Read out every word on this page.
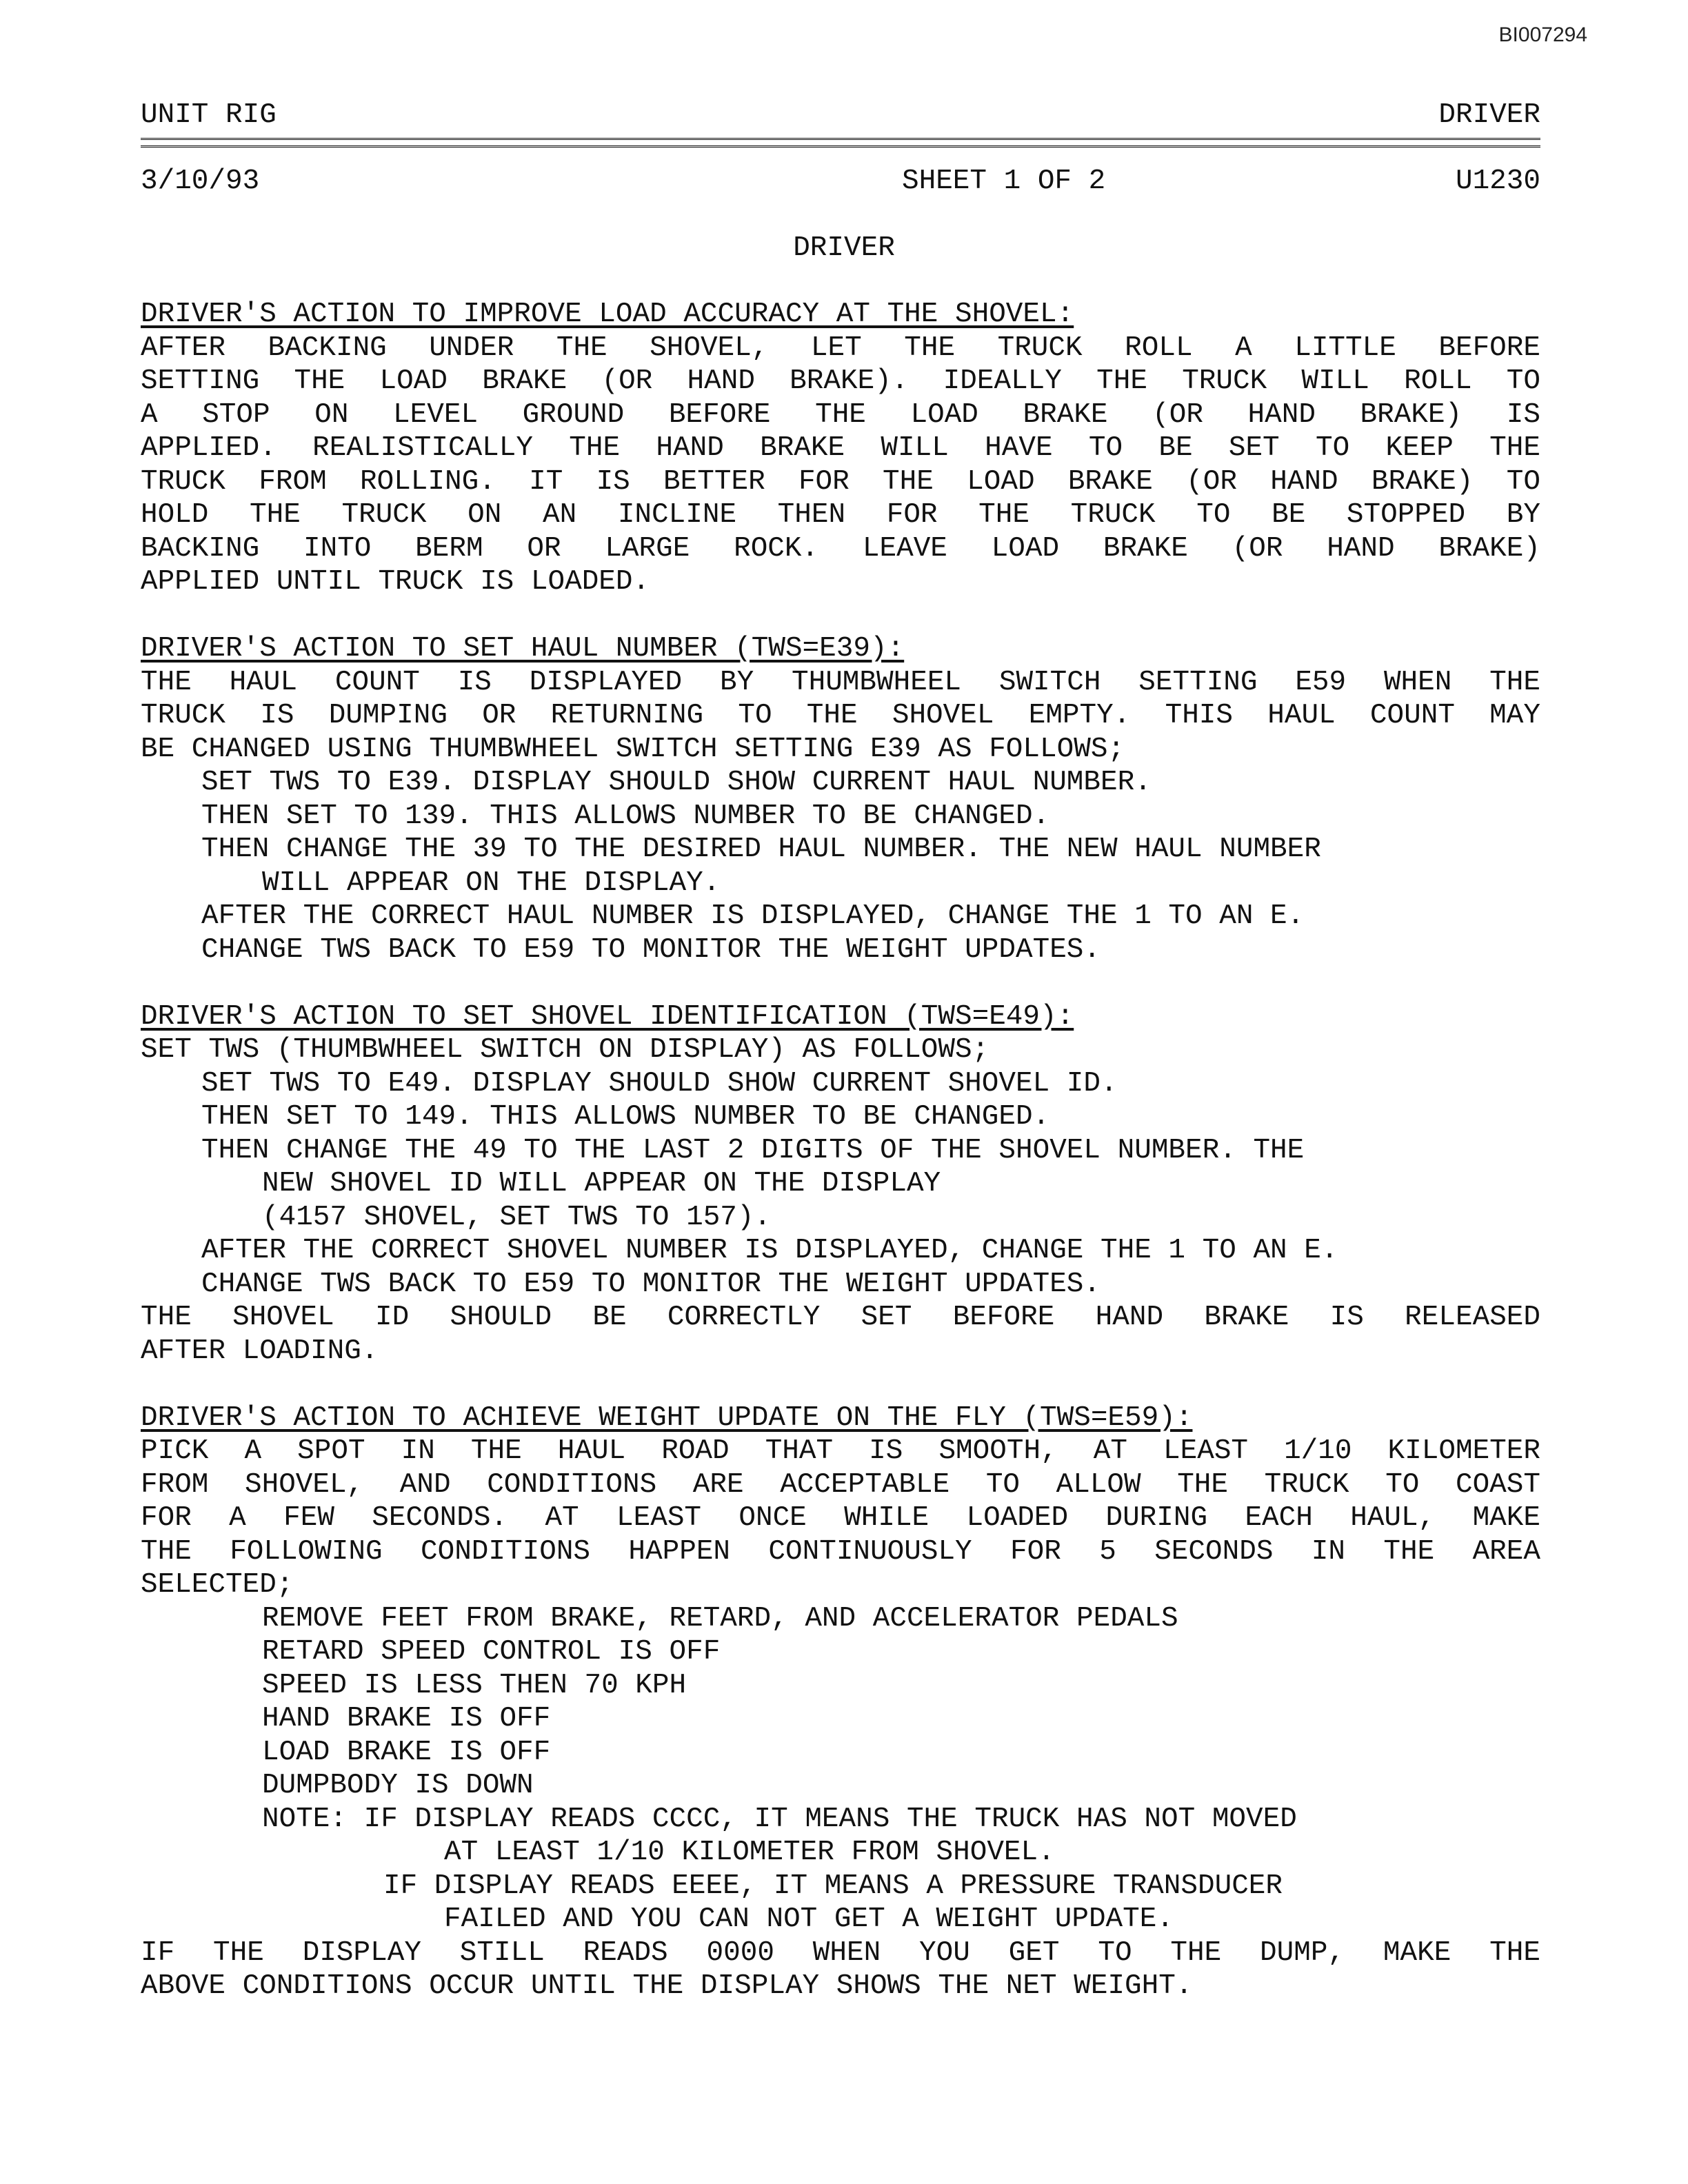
BI007294
UNIT RIG	DRIVER
3/10/93	SHEET 1 OF 2	U1230
DRIVER
DRIVER'S ACTION TO IMPROVE LOAD ACCURACY AT THE SHOVEL:
AFTER BACKING UNDER THE SHOVEL, LET THE TRUCK ROLL A LITTLE BEFORE
SETTING THE LOAD BRAKE (OR HAND BRAKE). IDEALLY THE TRUCK WILL ROLL TO
A STOP ON LEVEL GROUND BEFORE THE LOAD BRAKE (OR HAND BRAKE) IS
APPLIED. REALISTICALLY THE HAND BRAKE WILL HAVE TO BE SET TO KEEP THE
TRUCK FROM ROLLING. IT IS BETTER FOR THE LOAD BRAKE (OR HAND BRAKE) TO
HOLD THE TRUCK ON AN INCLINE THEN FOR THE TRUCK TO BE STOPPED BY
BACKING INTO BERM OR LARGE ROCK. LEAVE LOAD BRAKE (OR HAND BRAKE)
APPLIED UNTIL TRUCK IS LOADED.
DRIVER'S ACTION TO SET HAUL NUMBER (TWS=E39):
THE HAUL COUNT IS DISPLAYED BY THUMBWHEEL SWITCH SETTING E59 WHEN THE
TRUCK IS DUMPING OR RETURNING TO THE SHOVEL EMPTY. THIS HAUL COUNT MAY
BE CHANGED USING THUMBWHEEL SWITCH SETTING E39 AS FOLLOWS;
SET TWS TO E39. DISPLAY SHOULD SHOW CURRENT HAUL NUMBER.
THEN SET TO 139. THIS ALLOWS NUMBER TO BE CHANGED.
THEN CHANGE THE 39 TO THE DESIRED HAUL NUMBER. THE NEW HAUL NUMBER
WILL APPEAR ON THE DISPLAY.
AFTER THE CORRECT HAUL NUMBER IS DISPLAYED, CHANGE THE 1 TO AN E.
CHANGE TWS BACK TO E59 TO MONITOR THE WEIGHT UPDATES.
DRIVER'S ACTION TO SET SHOVEL IDENTIFICATION (TWS=E49):
SET TWS (THUMBWHEEL SWITCH ON DISPLAY) AS FOLLOWS;
SET TWS TO E49. DISPLAY SHOULD SHOW CURRENT SHOVEL ID.
THEN SET TO 149. THIS ALLOWS NUMBER TO BE CHANGED.
THEN CHANGE THE 49 TO THE LAST 2 DIGITS OF THE SHOVEL NUMBER. THE
NEW SHOVEL ID WILL APPEAR ON THE DISPLAY
(4157 SHOVEL, SET TWS TO 157).
AFTER THE CORRECT SHOVEL NUMBER IS DISPLAYED, CHANGE THE 1 TO AN E.
CHANGE TWS BACK TO E59 TO MONITOR THE WEIGHT UPDATES.
THE SHOVEL ID SHOULD BE CORRECTLY SET BEFORE HAND BRAKE IS RELEASED
AFTER LOADING.
DRIVER'S ACTION TO ACHIEVE WEIGHT UPDATE ON THE FLY (TWS=E59):
PICK A SPOT IN THE HAUL ROAD THAT IS SMOOTH, AT LEAST 1/10 KILOMETER
FROM SHOVEL, AND CONDITIONS ARE ACCEPTABLE TO ALLOW THE TRUCK TO COAST
FOR A FEW SECONDS. AT LEAST ONCE WHILE LOADED DURING EACH HAUL, MAKE
THE FOLLOWING CONDITIONS HAPPEN CONTINUOUSLY FOR 5 SECONDS IN THE AREA
SELECTED;
REMOVE FEET FROM BRAKE, RETARD, AND ACCELERATOR PEDALS
RETARD SPEED CONTROL IS OFF
SPEED IS LESS THEN 70 KPH
HAND BRAKE IS OFF
LOAD BRAKE IS OFF
DUMPBODY IS DOWN
NOTE: IF DISPLAY READS CCCC, IT MEANS THE TRUCK HAS NOT MOVED
AT LEAST 1/10 KILOMETER FROM SHOVEL.
IF DISPLAY READS EEEE, IT MEANS A PRESSURE TRANSDUCER
FAILED AND YOU CAN NOT GET A WEIGHT UPDATE.
IF THE DISPLAY STILL READS 0000 WHEN YOU GET TO THE DUMP, MAKE THE
ABOVE CONDITIONS OCCUR UNTIL THE DISPLAY SHOWS THE NET WEIGHT.
